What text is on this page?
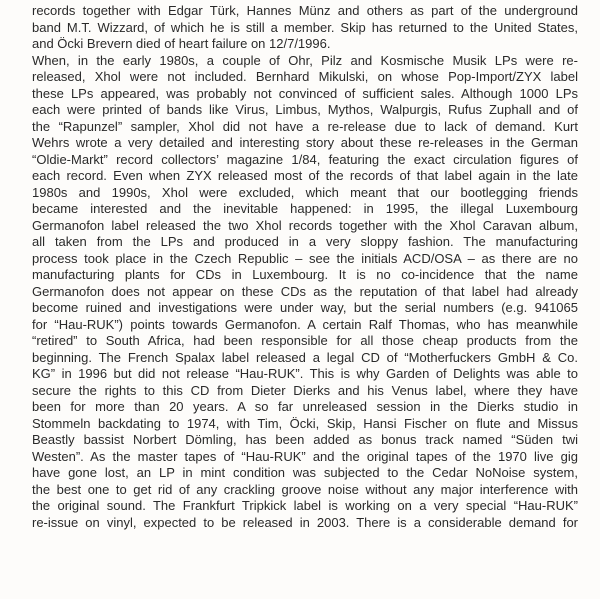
records together with Edgar Türk, Hannes Münz and others as part of the underground
band M.T. Wizzard, of which he is still a member. Skip has returned to the United States,
and Öcki Brevern died of heart failure on 12/7/1996.
When, in the early 1980s, a couple of Ohr, Pilz and Kosmische Musik LPs were re-
released, Xhol were not included. Bernhard Mikulski, on whose Pop-Import/ZYX label
these LPs appeared, was probably not convinced of sufficient sales. Although 1000 LPs
each were printed of bands like Virus, Limbus, Mythos, Walpurgis, Rufus Zuphall and of
the “Rapunzel” sampler, Xhol did not have a re-release due to lack of demand. Kurt
Wehrs wrote a very detailed and interesting story about these re-releases in the German
“Oldie-Markt” record collectors’ magazine 1/84, featuring the exact circulation figures of
each record. Even when ZYX released most of the records of that label again in the late
1980s and 1990s, Xhol were excluded, which meant that our bootlegging friends
became interested and the inevitable happened: in 1995, the illegal Luxembourg
Germanofon label released the two Xhol records together with the Xhol Caravan album,
all taken from the LPs and produced in a very sloppy fashion. The manufacturing
process took place in the Czech Republic – see the initials ACD/OSA – as there are no
manufacturing plants for CDs in Luxembourg. It is no co-incidence that the name
Germanofon does not appear on these CDs as the reputation of that label had already
become ruined and investigations were under way, but the serial numbers (e.g. 941065
for “Hau-RUK”) points towards Germanofon. A certain Ralf Thomas, who has meanwhile
“retired” to South Africa, had been responsible for all those cheap products from the
beginning. The French Spalax label released a legal CD of “Motherfuckers GmbH & Co.
KG” in 1996 but did not release “Hau-RUK”. This is why Garden of Delights was able to
secure the rights to this CD from Dieter Dierks and his Venus label, where they have
been for more than 20 years. A so far unreleased session in the Dierks studio in
Stommeln backdating to 1974, with Tim, Öcki, Skip, Hansi Fischer on flute and Missus
Beastly bassist Norbert Dömling, has been added as bonus track named “Süden twi
Westen”. As the master tapes of “Hau-RUK” and the original tapes of the 1970 live gig
have gone lost, an LP in mint condition was subjected to the Cedar NoNoise system,
the best one to get rid of any crackling groove noise without any major interference with
the original sound. The Frankfurt Tripkick label is working on a very special “Hau-RUK”
re-issue on vinyl, expected to be released in 2003. There is a considerable demand for
